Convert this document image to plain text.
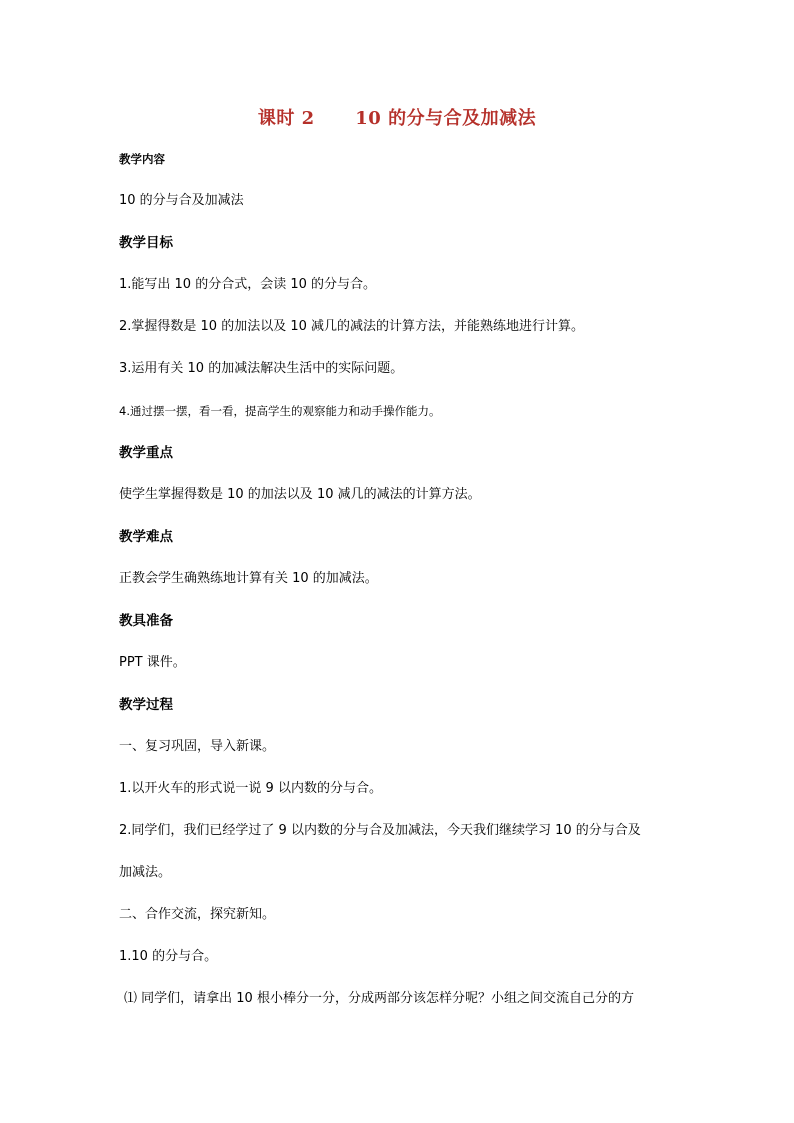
课时 2      10 的分与合及加减法
教学内容
10 的分与合及加减法
教学目标
1.能写出 10 的分合式，会读 10 的分与合。
2.掌握得数是 10 的加法以及 10 减几的减法的计算方法，并能熟练地进行计算。
3.运用有关 10 的加减法解决生活中的实际问题。
4.通过摆一摆，看一看，提高学生的观察能力和动手操作能力。
教学重点
使学生掌握得数是 10 的加法以及 10 减几的减法的计算方法。
教学难点
正教会学生确熟练地计算有关 10 的加减法。
教具准备
PPT 课件。
教学过程
一、复习巩固，导入新课。
1.以开火车的形式说一说 9 以内数的分与合。
2.同学们，我们已经学过了 9 以内数的分与合及加减法，今天我们继续学习 10 的分与合及
加减法。
二、合作交流，探究新知。
1.10 的分与合。
⑴ 同学们，请拿出 10 根小棒分一分，分成两部分该怎样分呢？小组之间交流自己分的方
